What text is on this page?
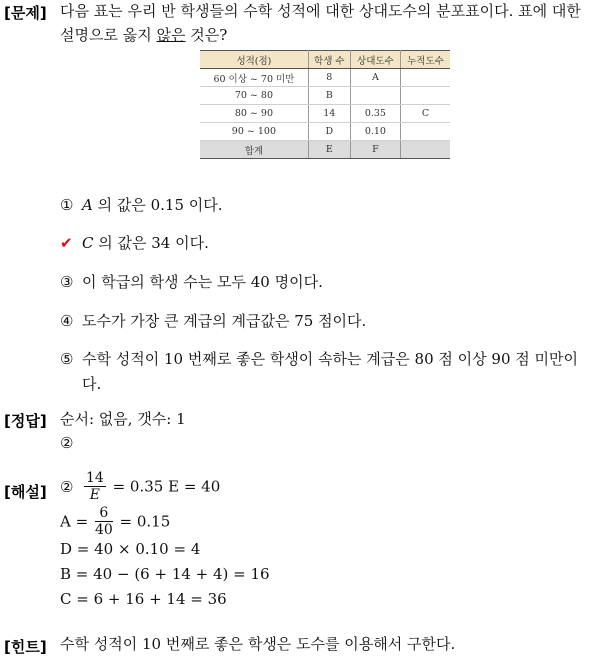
[문제] 다음 표는 우리 반 학생들의 수학 성적에 대한 상대도수의 분포표이다. 표에 대한
설명으로 옳지 않은 것은?
성적(점)	학생 수	상대도수	누적도수
60 이상 ~ 70 미만	8	A	
70 ~ 80	B		
80 ~ 90	14	0.35	C
90 ~ 100	D	0.10	
합계	E	F	
① A 의 값은 0.15 이다.
✔ C 의 값은 34 이다.
③ 이 학급의 학생 수는 모두 40 명이다.
④ 도수가 가장 큰 계급의 계급값은 75 점이다.
⑤ 수학 성적이 10 번째로 좋은 학생이 속하는 계급은 80 점 이상 90 점 미만이
다.
[정답] 순서: 없음, 갯수: 1
②
[해설] ② $\frac{14}{E} = 0.35$ E = 40
$A = \frac{6}{40} = 0.15$
D = 40 × 0.10 = 4
B = 40 − (6 + 14 + 4) = 16
C = 6 + 16 + 14 = 36
[힌트] 수학 성적이 10 번째로 좋은 학생은 도수를 이용해서 구한다.
